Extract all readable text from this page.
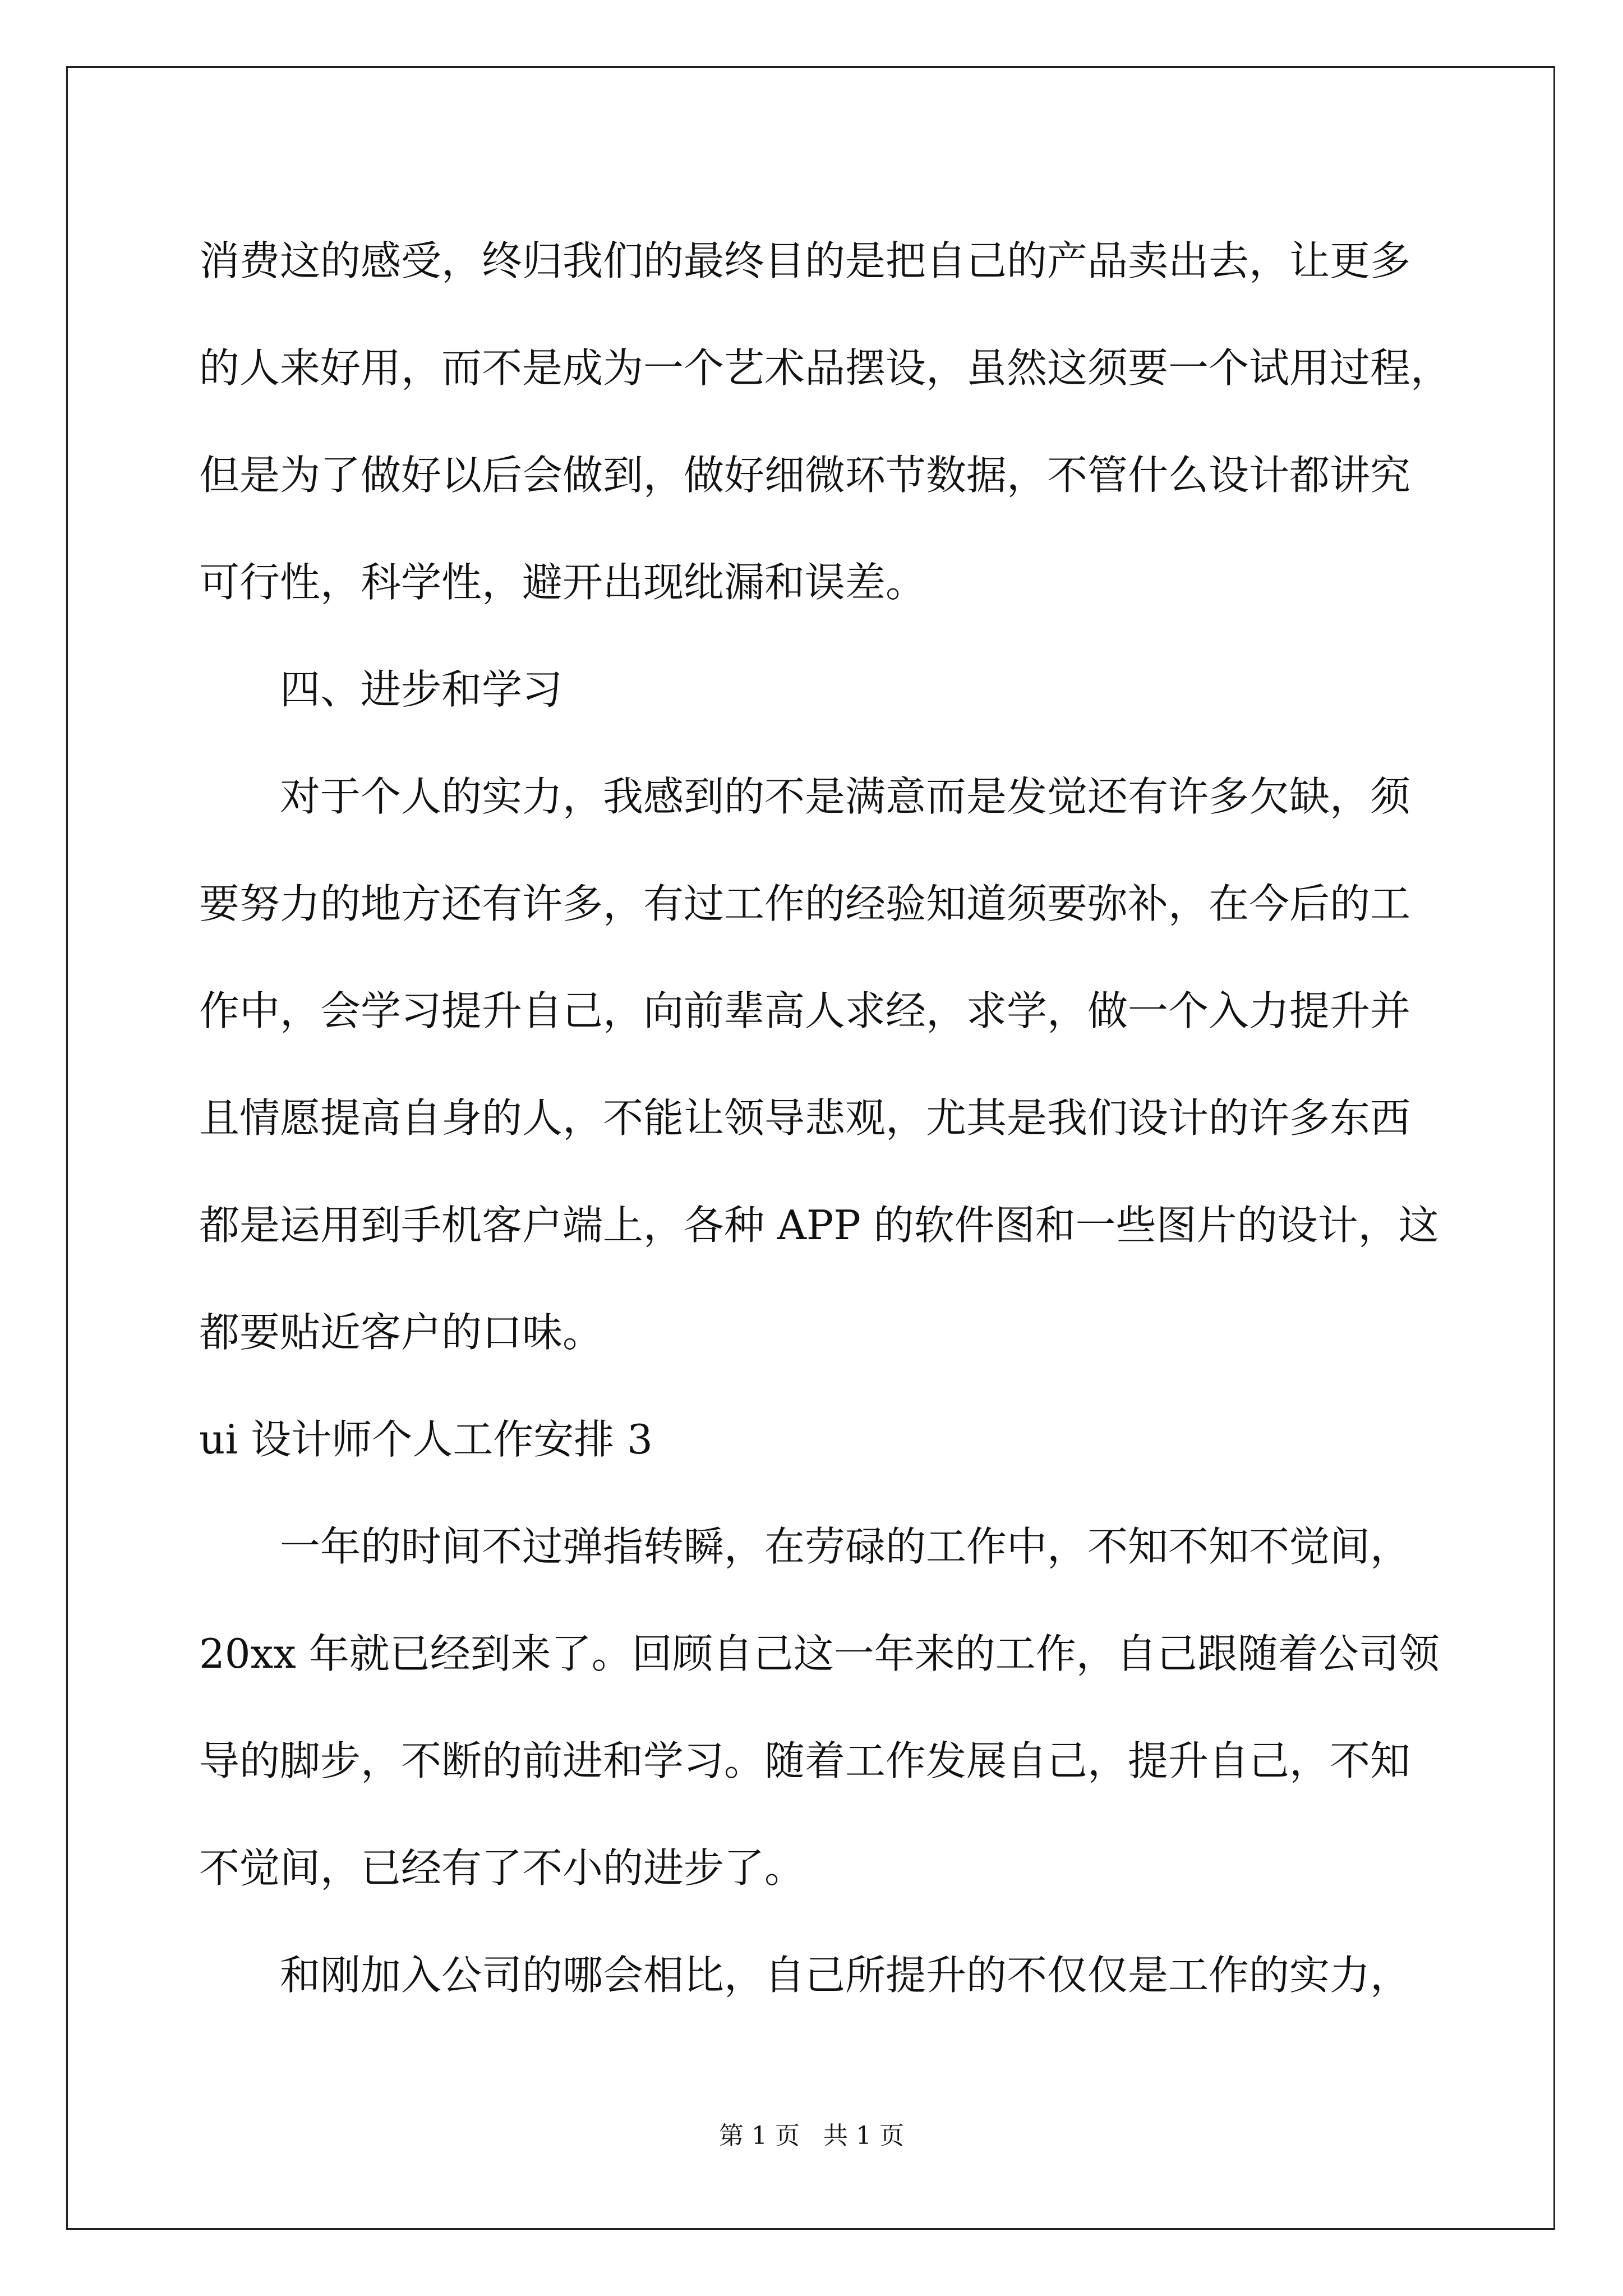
消费这的感受，终归我们的最终目的是把自己的产品卖出去，让更多

的人来好用，而不是成为一个艺术品摆设，虽然这须要一个试用过程，

但是为了做好以后会做到，做好细微环节数据，不管什么设计都讲究

可行性，科学性，避开出现纰漏和误差。

四、进步和学习

对于个人的实力，我感到的不是满意而是发觉还有许多欠缺，须

要努力的地方还有许多，有过工作的经验知道须要弥补，在今后的工

作中，会学习提升自己，向前辈高人求经，求学，做一个入力提升并

且情愿提高自身的人，不能让领导悲观，尤其是我们设计的许多东西

都是运用到手机客户端上，各种 APP 的软件图和一些图片的设计，这

都要贴近客户的口味。

ui 设计师个人工作安排 3

一年的时间不过弹指转瞬，在劳碌的工作中，不知不知不觉间，

20xx 年就已经到来了。回顾自己这一年来的工作，自己跟随着公司领

导的脚步，不断的前进和学习。随着工作发展自己，提升自己，不知

不觉间，已经有了不小的进步了。

和刚加入公司的哪会相比，自己所提升的不仅仅是工作的实力，

第 1 页   共 1 页
